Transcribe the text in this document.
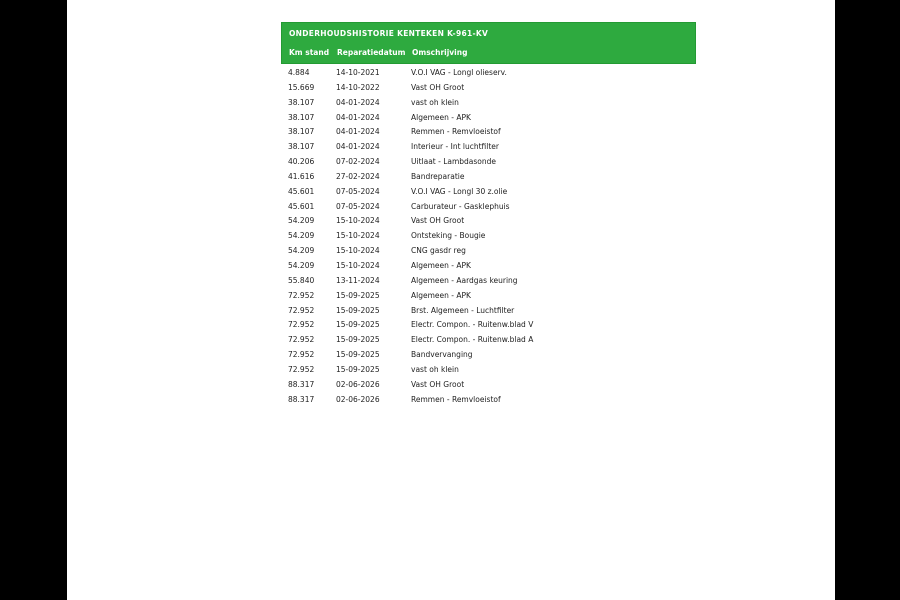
ONDERHOUDSHISTORIE KENTEKEN K-961-KV
Km stand	Reparatiedatum Omschrijving
4.884	14-10-2021	V.O.I VAG - Longl olieserv.
15.669	14-10-2022	Vast OH Groot
38.107	04-01-2024	vast oh klein
38.107	04-01-2024	Algemeen - APK
38.107	04-01-2024	Remmen - Remvloeistof
38.107	04-01-2024	Interieur - Int luchtfilter
40.206	07-02-2024	Uitlaat - Lambdasonde
41.616	27-02-2024	Bandreparatie
45.601	07-05-2024	V.O.I VAG - Longl 30 z.olie
45.601	07-05-2024	Carburateur - Gasklephuis
54.209	15-10-2024	Vast OH Groot
54.209	15-10-2024	Ontsteking - Bougie
54.209	15-10-2024	CNG gasdr reg
54.209	15-10-2024	Algemeen - APK
55.840	13-11-2024	Algemeen - Aardgas keuring
72.952	15-09-2025	Algemeen - APK
72.952	15-09-2025	Brst. Algemeen - Luchtfilter
72.952	15-09-2025	Electr. Compon. - Ruitenw.blad V
72.952	15-09-2025	Electr. Compon. - Ruitenw.blad A
72.952	15-09-2025	Bandvervanging
72.952	15-09-2025	vast oh klein
88.317	02-06-2026	Vast OH Groot
88.317	02-06-2026	Remmen - Remvloeistof
